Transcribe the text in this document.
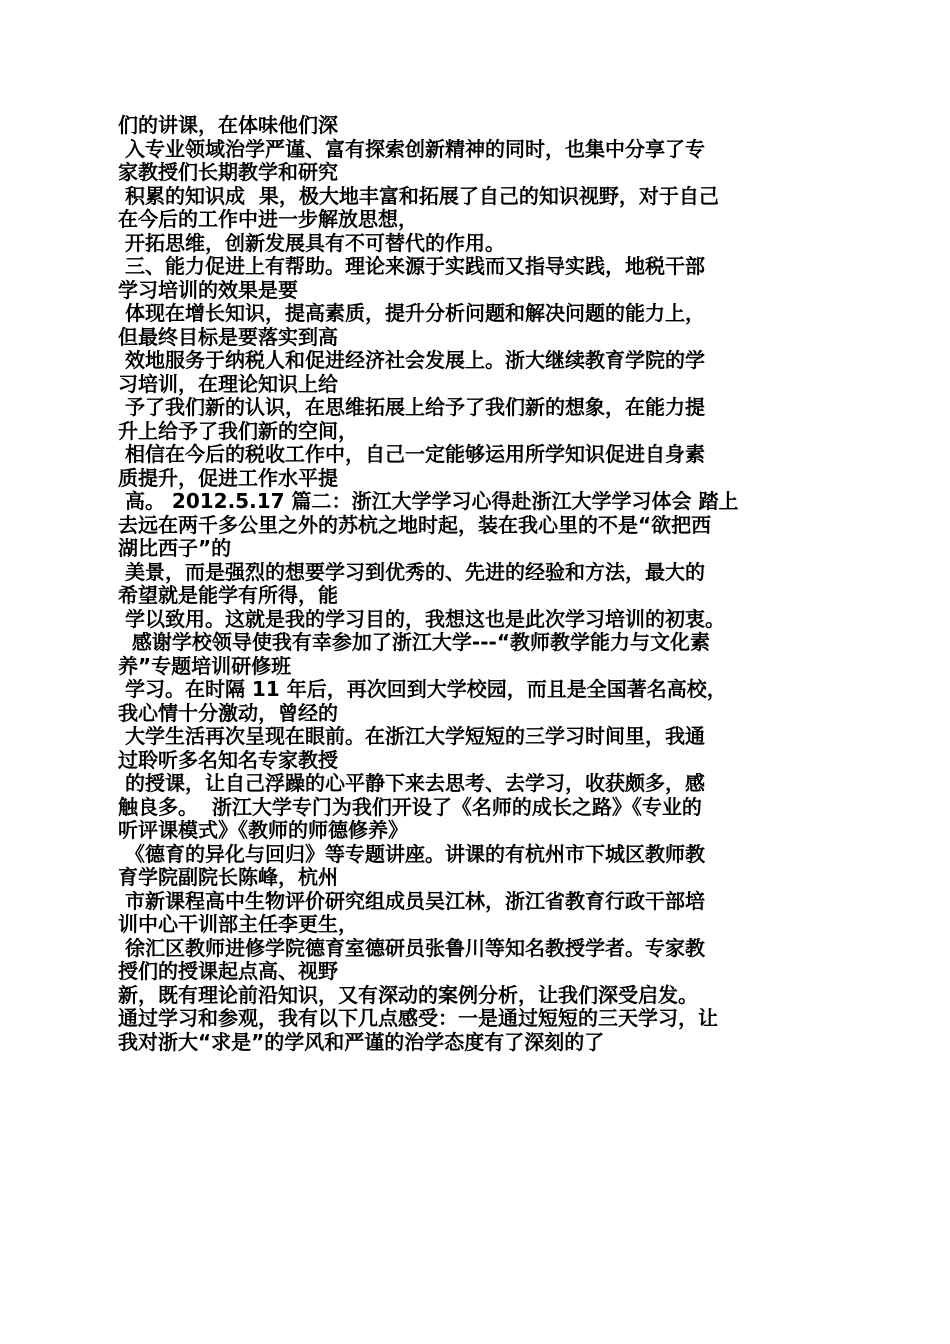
们的讲课，在体味他们深
入专业领域治学严谨、富有探索创新精神的同时，也集中分享了专
家教授们长期教学和研究
积累的知识成  果，极大地丰富和拓展了自己的知识视野，对于自己
在今后的工作中进一步解放思想，
开拓思维，创新发展具有不可替代的作用。
三、能力促进上有帮助。理论来源于实践而又指导实践，地税干部
学习培训的效果是要
体现在增长知识，提高素质，提升分析问题和解决问题的能力上，
但最终目标是要落实到高
效地服务于纳税人和促进经济社会发展上。浙大继续教育学院的学
习培训，在理论知识上给
予了我们新的认识，在思维拓展上给予了我们新的想象，在能力提
升上给予了我们新的空间，
相信在今后的税收工作中，自己一定能够运用所学知识促进自身素
质提升，促进工作水平提
高。 2012.5.17 篇二：浙江大学学习心得赴浙江大学学习体会 踏上
去远在两千多公里之外的苏杭之地时起，装在我心里的不是“欲把西
湖比西子”的
美景，而是强烈的想要学习到优秀的、先进的经验和方法，最大的
希望就是能学有所得，能
学以致用。这就是我的学习目的，我想这也是此次学习培训的初衷。
感谢学校领导使我有幸参加了浙江大学---“教师教学能力与文化素
养”专题培训研修班
学习。在时隔 11 年后，再次回到大学校园，而且是全国著名高校，
我心情十分激动，曾经的
大学生活再次呈现在眼前。在浙江大学短短的三学习时间里，我通
过聆听多名知名专家教授
的授课，让自己浮躁的心平静下来去思考、去学习，收获颇多，感
触良多。  浙江大学专门为我们开设了《名师的成长之路》《专业的
听评课模式》《教师的师德修养》
《德育的异化与回归》等专题讲座。讲课的有杭州市下城区教师教
育学院副院长陈峰，杭州
市新课程高中生物评价研究组成员吴江林，浙江省教育行政干部培
训中心干训部主任李更生，
徐汇区教师进修学院德育室德研员张鲁川等知名教授学者。专家教
授们的授课起点高、视野
新，既有理论前沿知识，又有深动的案例分析，让我们深受启发。
通过学习和参观，我有以下几点感受：一是通过短短的三天学习，让
我对浙大“求是”的学风和严谨的治学态度有了深刻的了
